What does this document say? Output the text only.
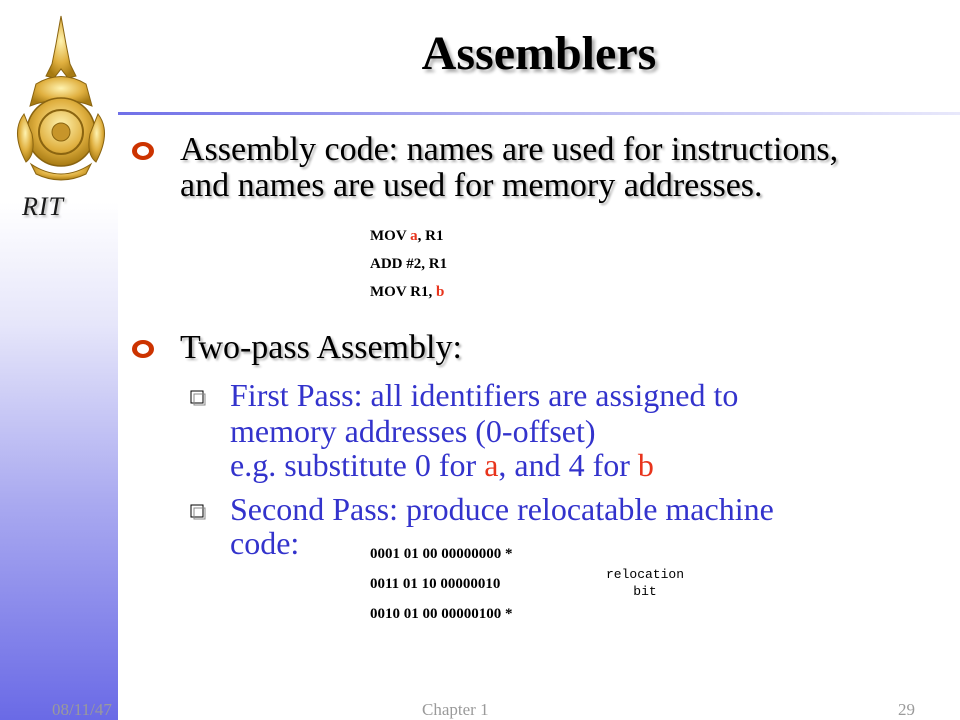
RIT
Assemblers
Assembly code: names are used for instructions,
and names are used for memory addresses.
MOV a, R1
ADD #2, R1
MOV R1, b
Two-pass Assembly:
First Pass: all identifiers are assigned to
memory addresses (0-offset)
e.g. substitute 0 for a, and 4 for b
Second Pass: produce relocatable machine
code:	0001 01 00 00000000 *
0011 01 10 00000010
0010 01 00 00000100 *
relocation
bit
08/11/47	Chapter 1	29
